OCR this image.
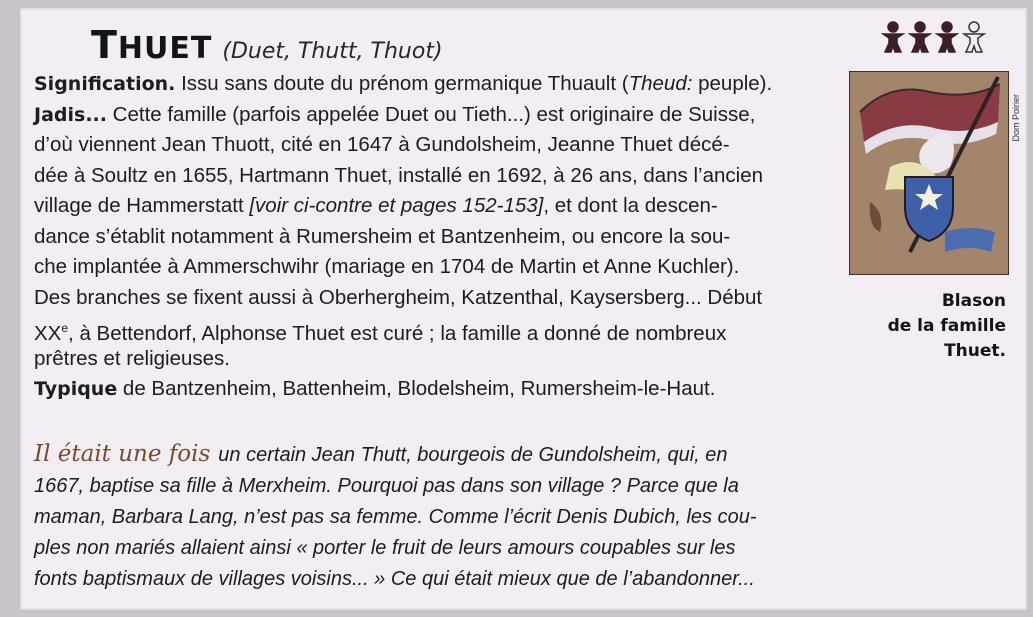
THUET (Duet, Thutt, Thuot)
Dom Poirier
Blason
de la famille
Thuet.
Signification. Issu sans doute du prénom germanique Thuault (Theud: peuple).
Jadis... Cette famille (parfois appelée Duet ou Tieth...) est originaire de Suisse,
d’où viennent Jean Thuott, cité en 1647 à Gundolsheim, Jeanne Thuet décé-
dée à Soultz en 1655, Hartmann Thuet, installé en 1692, à 26 ans, dans l’ancien
village de Hammerstatt [voir ci-contre et pages 152-153], et dont la descen-
dance s’établit notamment à Rumersheim et Bantzenheim, ou encore la sou-
che implantée à Ammerschwihr (mariage en 1704 de Martin et Anne Kuchler).
Des branches se fixent aussi à Oberhergheim, Katzenthal, Kaysersberg... Début
XXe, à Bettendorf, Alphonse Thuet est curé ; la famille a donné de nombreux
prêtres et religieuses.
Typique de Bantzenheim, Battenheim, Blodelsheim, Rumersheim-le-Haut.
Il était une fois un certain Jean Thutt, bourgeois de Gundolsheim, qui, en
1667, baptise sa fille à Merxheim. Pourquoi pas dans son village ? Parce que la
maman, Barbara Lang, n’est pas sa femme. Comme l’écrit Denis Dubich, les cou-
ples non mariés allaient ainsi « porter le fruit de leurs amours coupables sur les
fonts baptismaux de villages voisins... » Ce qui était mieux que de l’abandonner...
